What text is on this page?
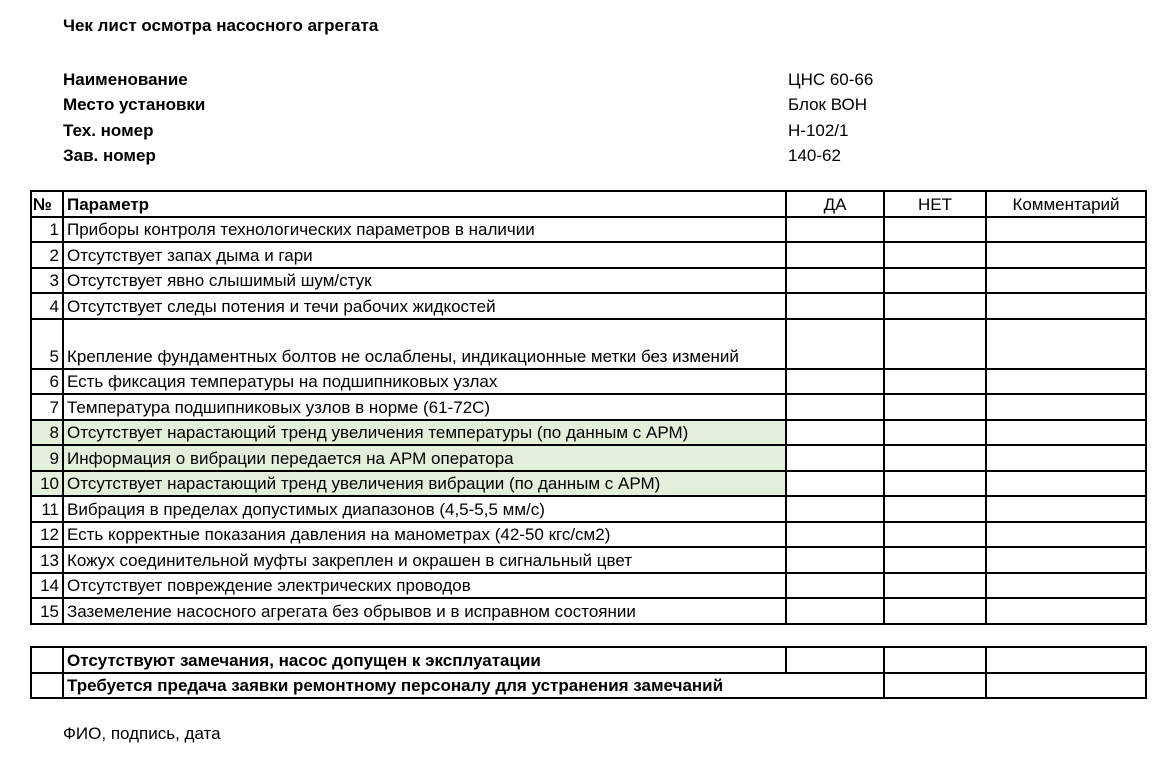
Чек лист осмотра насосного агрегата
Наименование	ЦНС 60-66
Место установки	Блок ВОН
Тех. номер	Н-102/1
Зав. номер	140-62
№	Параметр	ДА	НЕТ	Комментарий
1	Приборы контроля технологических параметров в наличии			
2	Отсутствует запах дыма и гари			
3	Отсутствует явно слышимый шум/стук			
4	Отсутствует следы потения и течи рабочих жидкостей			
5	Крепление фундаментных болтов не ослаблены, индикационные метки без измений			
6	Есть фиксация температуры на подшипниковых узлах			
7	Температура подшипниковых узлов в норме (61-72С)			
8	Отсутствует нарастающий тренд увеличения температуры (по данным с АРМ)			
9	Информация о вибрации передается на АРМ оператора			
10	Отсутствует нарастающий тренд увеличения вибрации (по данным с АРМ)			
11	Вибрация в пределах допустимых диапазонов (4,5-5,5 мм/с)			
12	Есть корректные показания давления на манометрах (42-50 кгс/см2)			
13	Кожух соединительной муфты закреплен и окрашен в сигнальный цвет			
14	Отсутствует повреждение электрических проводов			
15	Заземеление насосного агрегата без обрывов и в исправном состоянии			
	Отсутствуют замечания, насос допущен к эксплуатации			
	Требуется предача заявки ремонтному персоналу для устранения замечаний			
ФИО, подпись, дата
